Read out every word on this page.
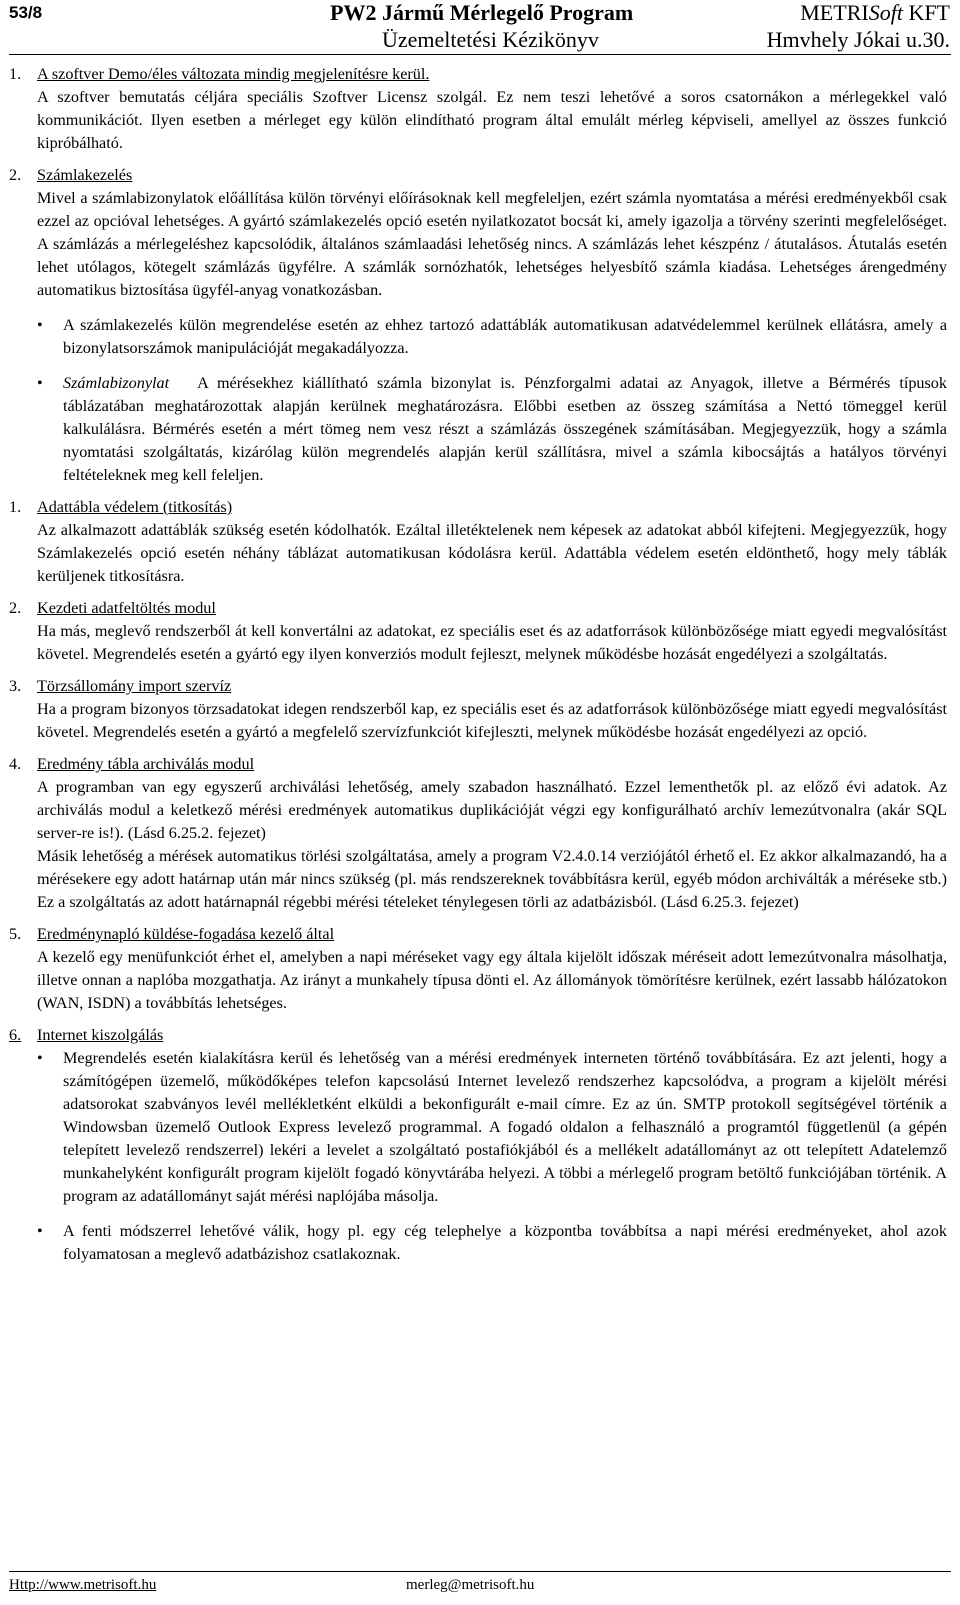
53/8	PW2 Jármű Mérlegelő Program
Üzemeltetési Kézikönyv
METRISoft KFT
Hmvhely Jókai u.30.
1. A szoftver Demo/éles változata mindig megjelenítésre kerül.
A szoftver bemutatás céljára speciális Szoftver Licensz szolgál. Ez nem teszi lehetővé a soros csatornákon a mérlegekkel való kommunikációt. Ilyen esetben a mérleget egy külön elindítható program által emulált mérleg képviseli, amellyel az összes funkció kipróbálható.
2. Számlakezelés
Mivel a számlabizonylatok előállítása külön törvényi előírásoknak kell megfeleljen, ezért számla nyomtatása a mérési eredményekből csak ezzel az opcióval lehetséges. A gyártó számlakezelés opció esetén nyilatkozatot bocsát ki, amely igazolja a törvény szerinti megfelelőséget. A számlázás a mérlegeléshez kapcsolódik, általános számlaadási lehetőség nincs. A számlázás lehet készpénz / átutalásos. Átutalás esetén lehet utólagos, kötegelt számlázás ügyfélre. A számlák sornózhatók, lehetséges helyesbítő számla kiadása. Lehetséges árengedmény automatikus biztosítása ügyfél-anyag vonatkozásban.
• A számlakezelés külön megrendelése esetén az ehhez tartozó adattáblák automatikusan adatvédelemmel kerülnek ellátásra, amely a bizonylatsorszámok manipulációját megakadályozza.
• Számlabizonylat A mérésekhez kiállítható számla bizonylat is. Pénzforgalmi adatai az Anyagok, illetve a Bérmérés típusok táblázatában meghatározottak alapján kerülnek meghatározásra. Előbbi esetben az összeg számítása a Nettó tömeggel kerül kalkulálásra. Bérmérés esetén a mért tömeg nem vesz részt a számlázás összegének számításában. Megjegyezzük, hogy a számla nyomtatási szolgáltatás, kizárólag külön megrendelés alapján kerül szállításra, mivel a számla kibocsájtás a hatályos törvényi feltételeknek meg kell feleljen.
1. Adattábla védelem (titkosítás)
Az alkalmazott adattáblák szükség esetén kódolhatók. Ezáltal illetéktelenek nem képesek az adatokat abból kifejteni. Megjegyezzük, hogy Számlakezelés opció esetén néhány táblázat automatikusan kódolásra kerül. Adattábla védelem esetén eldönthető, hogy mely táblák kerüljenek titkosításra.
2. Kezdeti adatfeltöltés modul
Ha más, meglevő rendszerből át kell konvertálni az adatokat, ez speciális eset és az adatforrások különbözősége miatt egyedi megvalósítást követel. Megrendelés esetén a gyártó egy ilyen konverziós modult fejleszt, melynek működésbe hozását engedélyezi a szolgáltatás.
3. Törzsállomány import szervíz
Ha a program bizonyos törzsadatokat idegen rendszerből kap, ez speciális eset és az adatforrások különbözősége miatt egyedi megvalósítást követel. Megrendelés esetén a gyártó a megfelelő szervízfunkciót kifejleszti, melynek működésbe hozását engedélyezi az opció.
4. Eredmény tábla archiválás modul
A programban van egy egyszerű archiválási lehetőség, amely szabadon használható. Ezzel lementhetők pl. az előző évi adatok. Az archiválás modul a keletkező mérési eredmények automatikus duplikációját végzi egy konfigurálható archív lemezútvonalra (akár SQL server-re is!). (Lásd 6.25.2. fejezet)
Másik lehetőség a mérések automatikus törlési szolgáltatása, amely a program V2.4.0.14 verziójától érhető el. Ez akkor alkalmazandó, ha a mérésekere egy adott határnap után már nincs szükség (pl. más rendszereknek továbbításra kerül, egyéb módon archiválták a méréseke stb.) Ez a szolgáltatás az adott határnapnál régebbi mérési tételeket ténylegesen törli az adatbázisból. (Lásd 6.25.3. fejezet)
5. Eredménynapló küldése-fogadása kezelő által
A kezelő egy menüfunkciót érhet el, amelyben a napi méréseket vagy egy általa kijelölt időszak méréseit adott lemezútvonalra másolhatja, illetve onnan a naplóba mozgathatja. Az irányt a munkahely típusa dönti el. Az állományok tömörítésre kerülnek, ezért lassabb hálózatokon (WAN, ISDN) a továbbítás lehetséges.
6. Internet kiszolgálás
• Megrendelés esetén kialakításra kerül és lehetőség van a mérési eredmények interneten történő továbbítására. Ez azt jelenti, hogy a számítógépen üzemelő, működőképes telefon kapcsolású Internet levelező rendszerhez kapcsolódva, a program a kijelölt mérési adatsorokat szabványos levél mellékletként elküldi a bekonfigurált e-mail címre. Ez az ún. SMTP protokoll segítségével történik a Windowsban üzemelő Outlook Express levelező programmal. A fogadó oldalon a felhasználó a programtól függetlenül (a gépén telepített levelező rendszerrel) lekéri a levelet a szolgáltató postafiókjából és a mellékelt adatállományt az ott telepített Adatelemző munkahelyként konfigurált program kijelölt fogadó könyvtárába helyezi. A többi a mérlegelő program betöltő funkciójában történik. A program az adatállományt saját mérési naplójába másolja.
• A fenti módszerrel lehetővé válik, hogy pl. egy cég telephelye a központba továbbítsa a napi mérési eredményeket, ahol azok folyamatosan a meglevő adatbázishoz csatlakoznak.
Http://www.metrisoft.hu	merleg@metrisoft.hu
